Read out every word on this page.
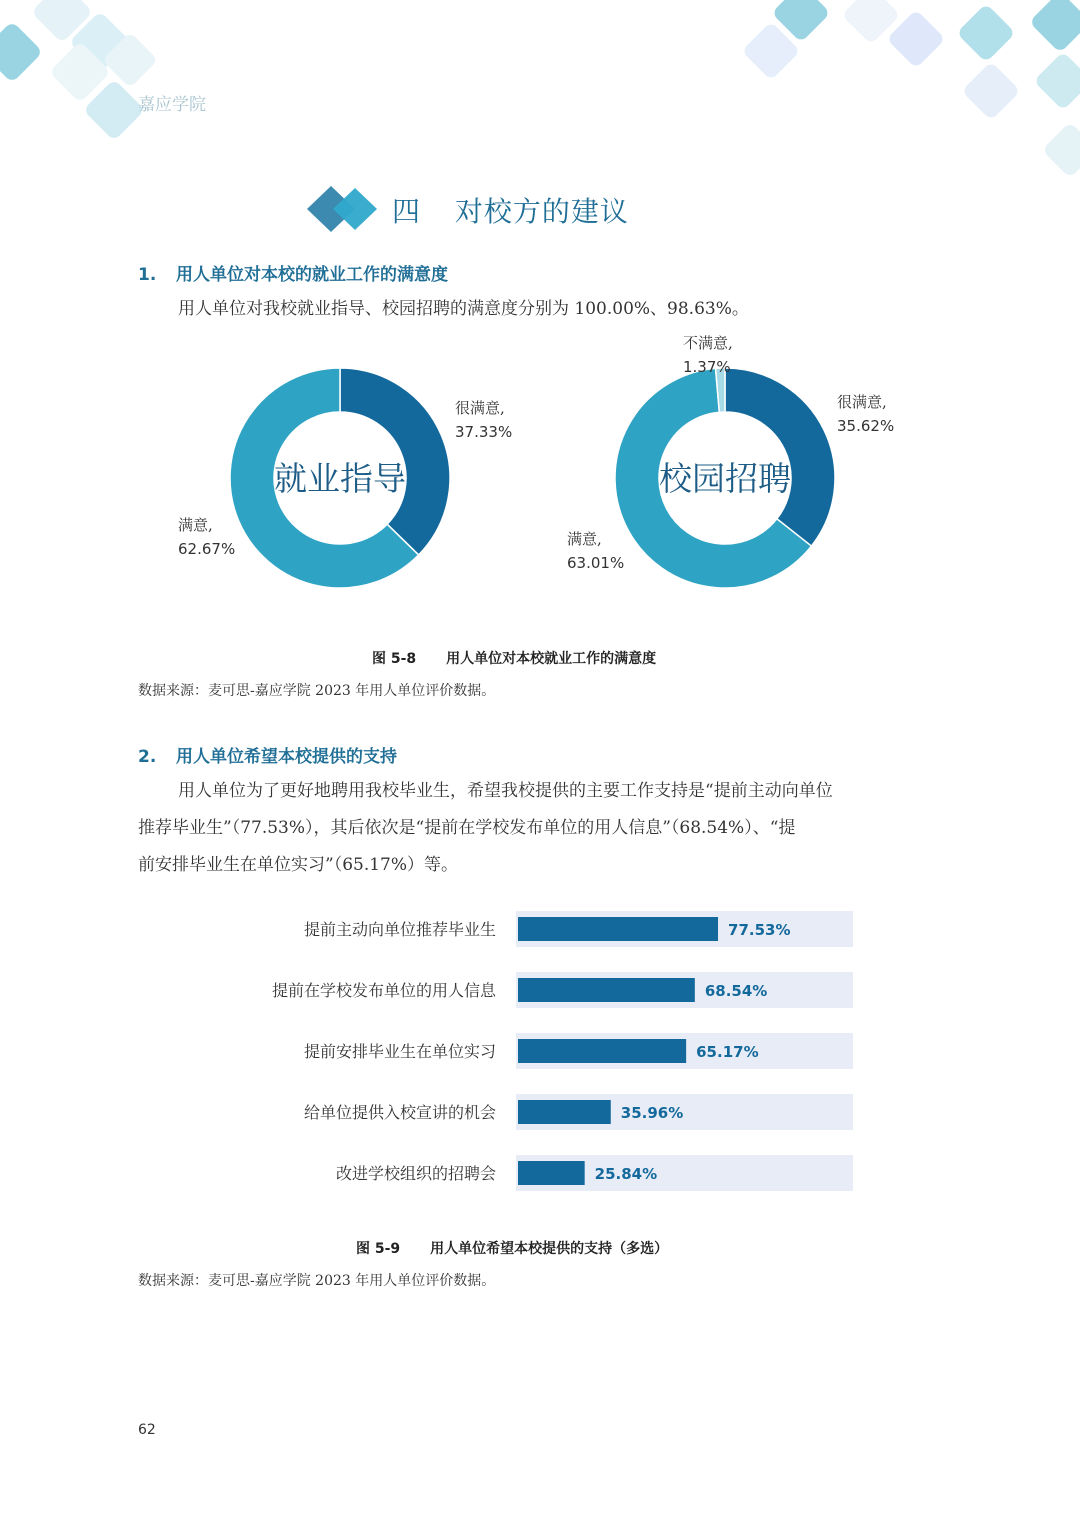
嘉应学院
四 对校方的建议
1. 用人单位对本校的就业工作的满意度
用人单位对我校就业指导、校园招聘的满意度分别为 100.00%、98.63%。
很满意,
37.33%
满意,
62.67%
就业指导
很满意,
35.62%
满意,
63.01%
不满意,
1.37%
校园招聘
77.53%
提前主动向单位推荐毕业生
68.54%
提前在学校发布单位的用人信息
65.17%
提前安排毕业生在单位实习
35.96%
给单位提供入校宣讲的机会
25.84%
改进学校组织的招聘会
图 5-8 用人单位对本校就业工作的满意度
数据来源：麦可思-嘉应学院 2023 年用人单位评价数据。
2. 用人单位希望本校提供的支持
用人单位为了更好地聘用我校毕业生，希望我校提供的主要工作支持是“提前主动向单位
推荐毕业生”（77.53%），其后依次是“提前在学校发布单位的用人信息”（68.54%）、“提
前安排毕业生在单位实习”（65.17%）等。
图 5-9 用人单位希望本校提供的支持（多选）
数据来源：麦可思-嘉应学院 2023 年用人单位评价数据。
62
